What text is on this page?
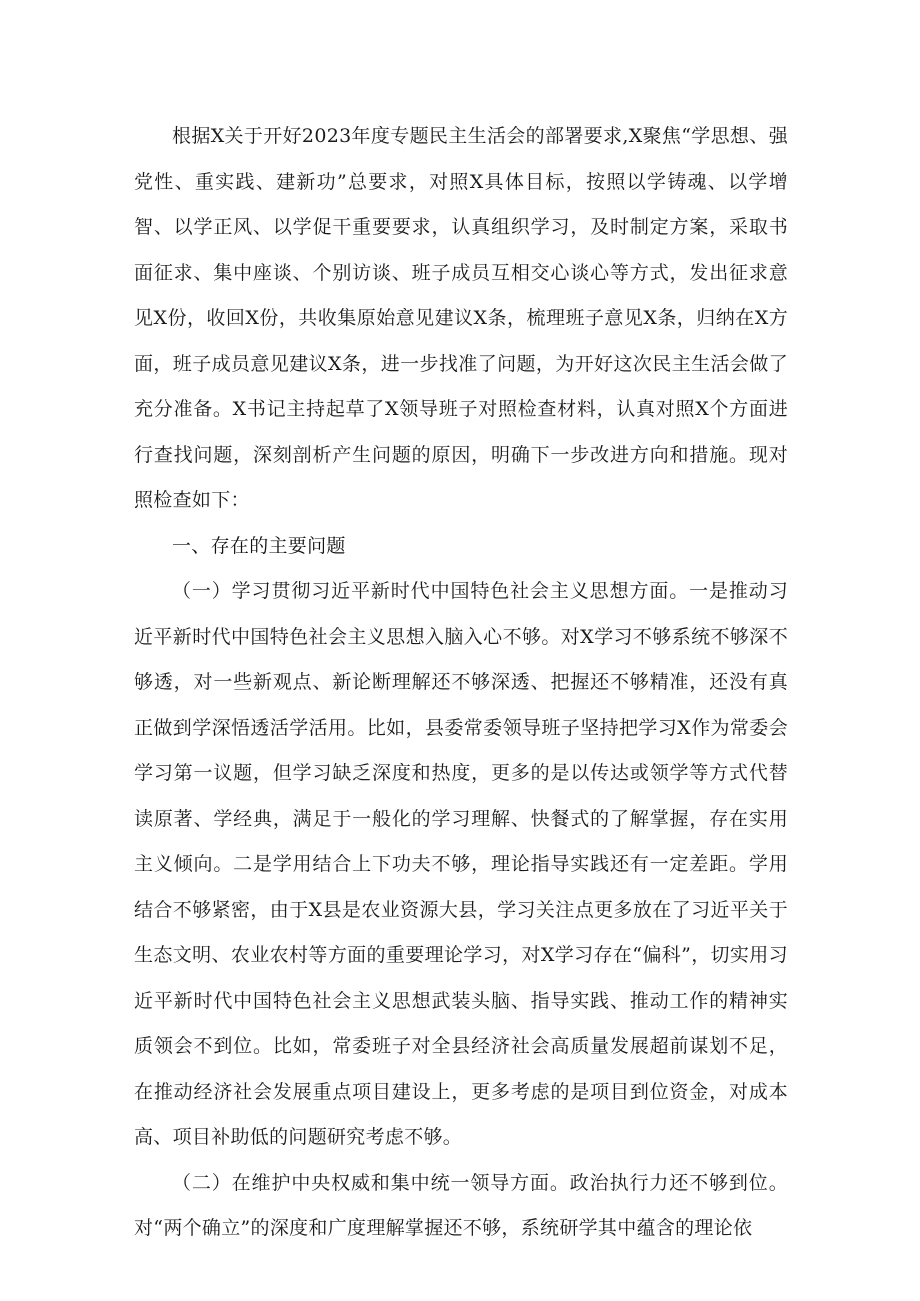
根据X关于开好2023年度专题民主生活会的部署要求,X聚焦“学思想、强党性、重实践、建新功”总要求，对照X具体目标，按照以学铸魂、以学增智、以学正风、以学促干重要要求，认真组织学习，及时制定方案，采取书面征求、集中座谈、个别访谈、班子成员互相交心谈心等方式，发出征求意见X份，收回X份，共收集原始意见建议X条，梳理班子意见X条，归纳在X方面，班子成员意见建议X条，进一步找准了问题，为开好这次民主生活会做了充分准备。X书记主持起草了X领导班子对照检查材料，认真对照X个方面进行查找问题，深刻剖析产生问题的原因，明确下一步改进方向和措施。现对照检查如下：

一、存在的主要问题

（一）学习贯彻习近平新时代中国特色社会主义思想方面。一是推动习近平新时代中国特色社会主义思想入脑入心不够。对X学习不够系统不够深不够透，对一些新观点、新论断理解还不够深透、把握还不够精准，还没有真正做到学深悟透活学活用。比如，县委常委领导班子坚持把学习X作为常委会学习第一议题，但学习缺乏深度和热度，更多的是以传达或领学等方式代替读原著、学经典，满足于一般化的学习理解、快餐式的了解掌握，存在实用主义倾向。二是学用结合上下功夫不够，理论指导实践还有一定差距。学用结合不够紧密，由于X县是农业资源大县，学习关注点更多放在了习近平关于生态文明、农业农村等方面的重要理论学习，对X学习存在“偏科”，切实用习近平新时代中国特色社会主义思想武装头脑、指导实践、推动工作的精神实质领会不到位。比如，常委班子对全县经济社会高质量发展超前谋划不足，在推动经济社会发展重点项目建设上，更多考虑的是项目到位资金，对成本高、项目补助低的问题研究考虑不够。

（二）在维护中央权威和集中统一领导方面。政治执行力还不够到位。对“两个确立”的深度和广度理解掌握还不够，系统研学其中蕴含的理论依
